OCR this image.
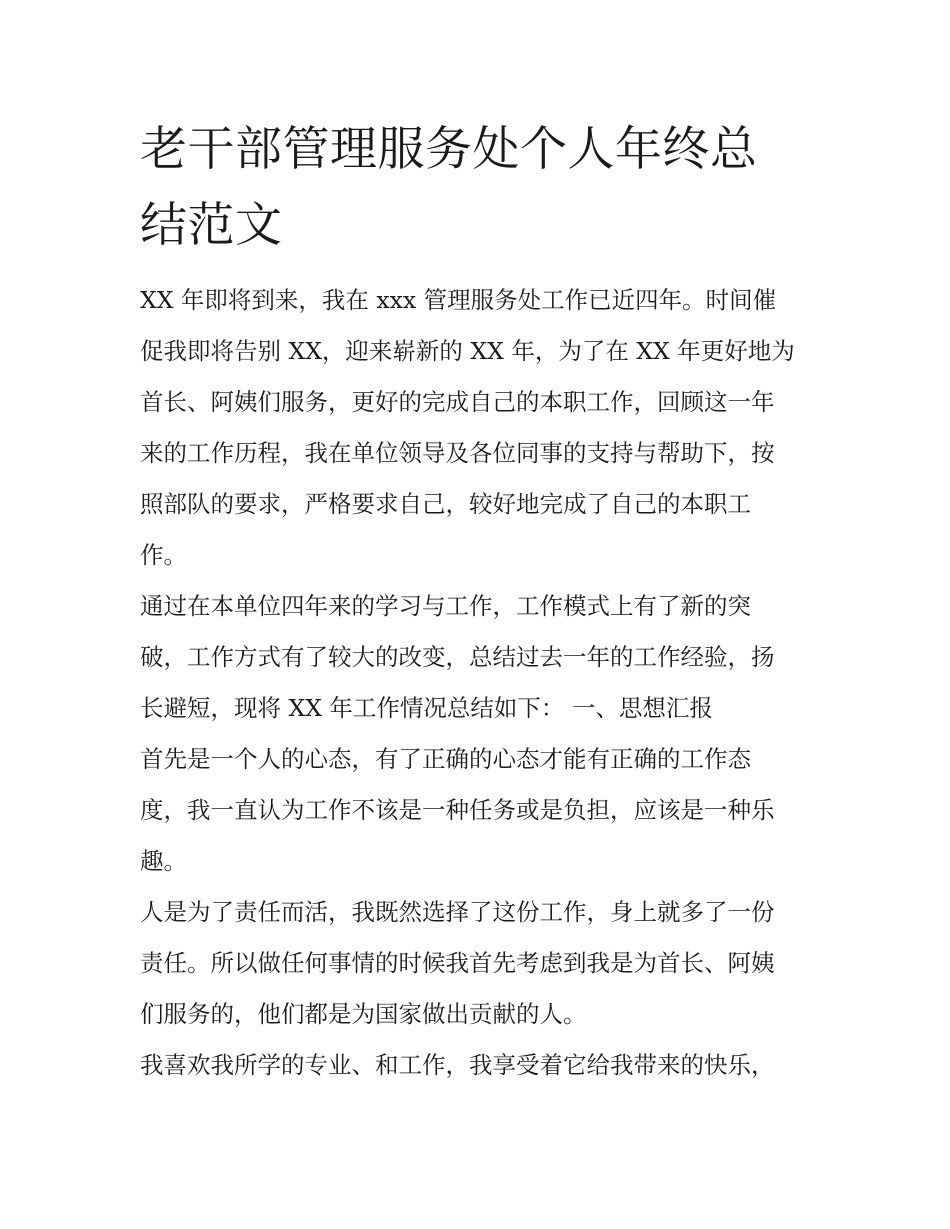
老干部管理服务处个人年终总
结范文
XX 年即将到来，我在 xxx 管理服务处工作已近四年。时间催
促我即将告别 XX，迎来崭新的 XX 年，为了在 XX 年更好地为
首长、阿姨们服务，更好的完成自己的本职工作，回顾这一年
来的工作历程，我在单位领导及各位同事的支持与帮助下，按
照部队的要求，严格要求自己，较好地完成了自己的本职工
作。
通过在本单位四年来的学习与工作，工作模式上有了新的突
破，工作方式有了较大的改变，总结过去一年的工作经验，扬
长避短，现将 XX 年工作情况总结如下： 一、思想汇报
首先是一个人的心态，有了正确的心态才能有正确的工作态
度，我一直认为工作不该是一种任务或是负担，应该是一种乐
趣。
人是为了责任而活，我既然选择了这份工作，身上就多了一份
责任。所以做任何事情的时候我首先考虑到我是为首长、阿姨
们服务的，他们都是为国家做出贡献的人。
我喜欢我所学的专业、和工作，我享受着它给我带来的快乐，
